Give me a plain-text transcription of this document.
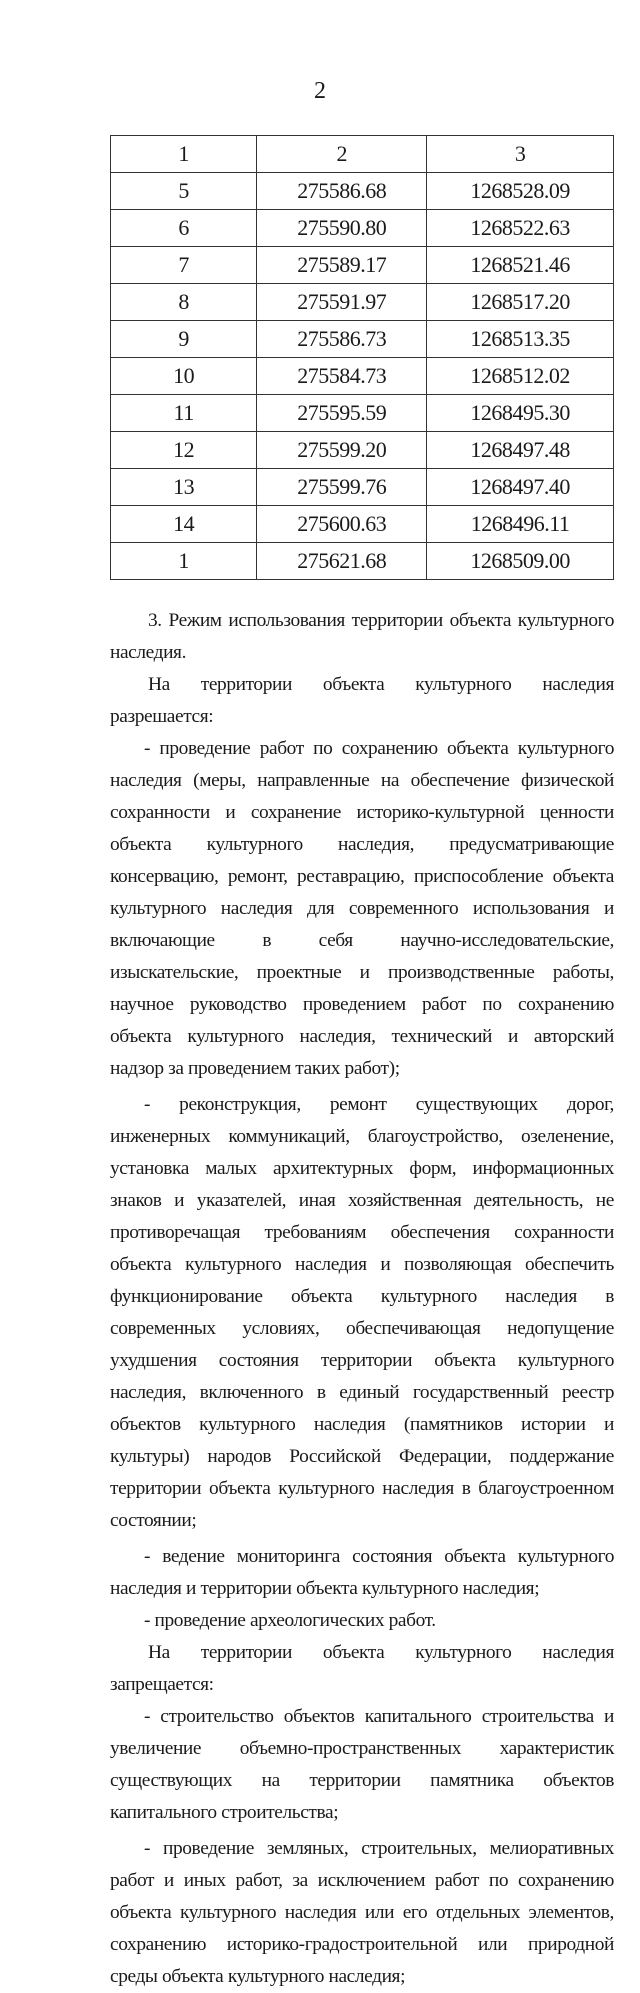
2
1	2	3
5	275586.68	1268528.09
6	275590.80	1268522.63
7	275589.17	1268521.46
8	275591.97	1268517.20
9	275586.73	1268513.35
10	275584.73	1268512.02
11	275595.59	1268495.30
12	275599.20	1268497.48
13	275599.76	1268497.40
14	275600.63	1268496.11
1	275621.68	1268509.00

3. Режим использования территории объекта культурного наследия.

На территории объекта культурного наследия разрешается:

- проведение работ по сохранению объекта культурного наследия (меры, направленные на обеспечение физической сохранности и сохранение историко-культурной ценности объекта культурного наследия, предусматривающие консервацию, ремонт, реставрацию, приспособление объекта культурного наследия для современного использования и включающие в себя научно-исследовательские, изыскательские, проектные и производственные работы, научное руководство проведением работ по сохранению объекта культурного наследия, технический и авторский надзор за проведением таких работ);

- реконструкция, ремонт существующих дорог, инженерных коммуникаций, благоустройство, озеленение, установка малых архитектурных форм, информационных знаков и указателей, иная хозяйственная деятельность, не противоречащая требованиям обеспечения сохранности объекта культурного наследия и позволяющая обеспечить функционирование объекта культурного наследия в современных условиях, обеспечивающая недопущение ухудшения состояния территории объекта культурного наследия, включенного в единый государственный реестр объектов культурного наследия (памятников истории и культуры) народов Российской Федерации, поддержание территории объекта культурного наследия в благоустроенном состоянии;

- ведение мониторинга состояния объекта культурного наследия и территории объекта культурного наследия;

- проведение археологических работ.

На территории объекта культурного наследия запрещается:

- строительство объектов капитального строительства и увеличение объемно-пространственных характеристик существующих на территории памятника объектов капитального строительства;

- проведение земляных, строительных, мелиоративных работ и иных работ, за исключением работ по сохранению объекта культурного наследия или его отдельных элементов, сохранению историко-градостроительной или природной среды объекта культурного наследия;
